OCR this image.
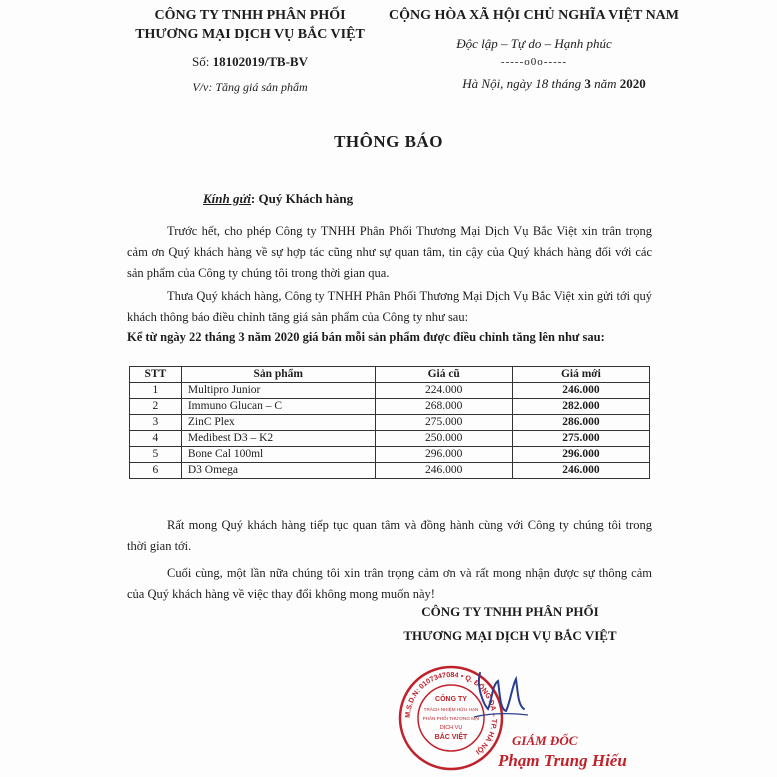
CÔNG TY TNHH PHÂN PHỐI
THƯƠNG MẠI DỊCH VỤ BẮC VIỆT
Số: 18102019/TB-BV
V/v: Tăng giá sản phẩm
CỘNG HÒA XÃ HỘI CHỦ NGHĨA VIỆT NAM
Độc lập – Tự do – Hạnh phúc
-----o0o-----
Hà Nội, ngày 18 tháng 3 năm 2020
THÔNG BÁO
Kính gửi: Quý Khách hàng
Trước hết, cho phép Công ty TNHH Phân Phối Thương Mại Dịch Vụ Bắc Việt xin trân trọng cảm ơn Quý khách hàng về sự hợp tác cũng như sự quan tâm, tin cậy của Quý khách hàng đối với các sản phẩm của Công ty chúng tôi trong thời gian qua.
Thưa Quý khách hàng, Công ty TNHH Phân Phối Thương Mại Dịch Vụ Bắc Việt xin gửi tới quý khách thông báo điều chỉnh tăng giá sản phẩm của Công ty như sau:
Kể từ ngày 22 tháng 3 năm 2020 giá bán mỗi sản phẩm được điều chỉnh tăng lên như sau:
STT	Sản phẩm	Giá cũ	Giá mới
1	Multipro Junior	224.000	246.000
2	Immuno Glucan – C	268.000	282.000
3	ZinC Plex	275.000	286.000
4	Medibest D3 – K2	250.000	275.000
5	Bone Cal 100ml	296.000	296.000
6	D3 Omega	246.000	246.000
Rất mong Quý khách hàng tiếp tục quan tâm và đồng hành cùng với Công ty chúng tôi trong thời gian tới.
Cuối cùng, một lần nữa chúng tôi xin trân trọng cảm ơn và rất mong nhận được sự thông cảm của Quý khách hàng về việc thay đổi không mong muốn này!
CÔNG TY TNHH PHÂN PHỐI
THƯƠNG MẠI DỊCH VỤ BẮC VIỆT
M.S.D.N: 0107347084 • Q. ĐỐNG ĐA – TP. HÀ NỘI
CÔNG TY
TRÁCH NHIỆM HỮU HẠN
PHÂN PHỐI THƯƠNG MẠI
DỊCH VỤ
BẮC VIỆT	GIÁM ĐỐC
Phạm Trung Hiếu
